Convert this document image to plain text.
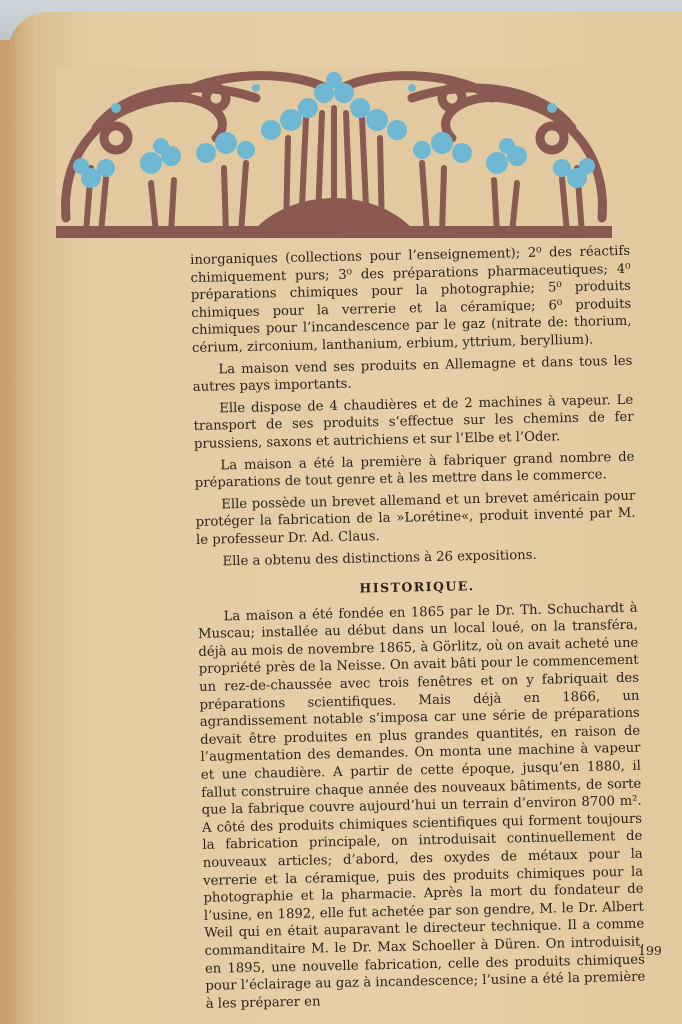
inorganiques (collections pour l’enseignement); 2⁰ des réactifs chimiquement purs; 3⁰ des préparations pharmaceutiques; 4⁰ préparations chimiques pour la photographie; 5⁰ produits chimiques pour la verrerie et la céramique; 6⁰ produits chimiques pour l’incandescence par le gaz (nitrate de: thorium, cérium, zirconium, lanthanium, erbium, yttrium, beryllium).

La maison vend ses produits en Allemagne et dans tous les autres pays importants.

Elle dispose de 4 chaudières et de 2 machines à vapeur. Le transport de ses produits s’effectue sur les chemins de fer prussiens, saxons et autrichiens et sur l’Elbe et l’Oder.

La maison a été la première à fabriquer grand nombre de préparations de tout genre et à les mettre dans le commerce.

Elle possède un brevet allemand et un brevet américain pour protéger la fabrication de la »Lorétine«, produit inventé par M. le professeur Dr. Ad. Claus.

Elle a obtenu des distinctions à 26 expositions.

HISTORIQUE.

La maison a été fondée en 1865 par le Dr. Th. Schuchardt à Muscau; installée au début dans un local loué, on la transféra, déjà au mois de novembre 1865, à Görlitz, où on avait acheté une propriété près de la Neisse. On avait bâti pour le commencement un rez-de-chaussée avec trois fenêtres et on y fabriquait des préparations scientifiques. Mais déjà en 1866, un agrandissement notable s’imposa car une série de préparations devait être produites en plus grandes quantités, en raison de l’augmentation des demandes. On monta une machine à vapeur et une chaudière. A partir de cette époque, jusqu’en 1880, il fallut construire chaque année des nouveaux bâtiments, de sorte que la fabrique couvre aujourd’hui un terrain d’environ 8700 m². A côté des produits chimiques scientifiques qui forment toujours la fabrication principale, on introduisait continuellement de nouveaux articles; d’abord, des oxydes de métaux pour la verrerie et la céramique, puis des produits chimiques pour la photographie et la pharmacie. Après la mort du fondateur de l’usine, en 1892, elle fut achetée par son gendre, M. le Dr. Albert Weil qui en était auparavant le directeur technique. Il a comme commanditaire M. le Dr. Max Schoeller à Düren. On introduisit, en 1895, une nouvelle fabrication, celle des produits chimiques pour l’éclairage au gaz à incandescence; l’usine a été la première à les préparer en

199
